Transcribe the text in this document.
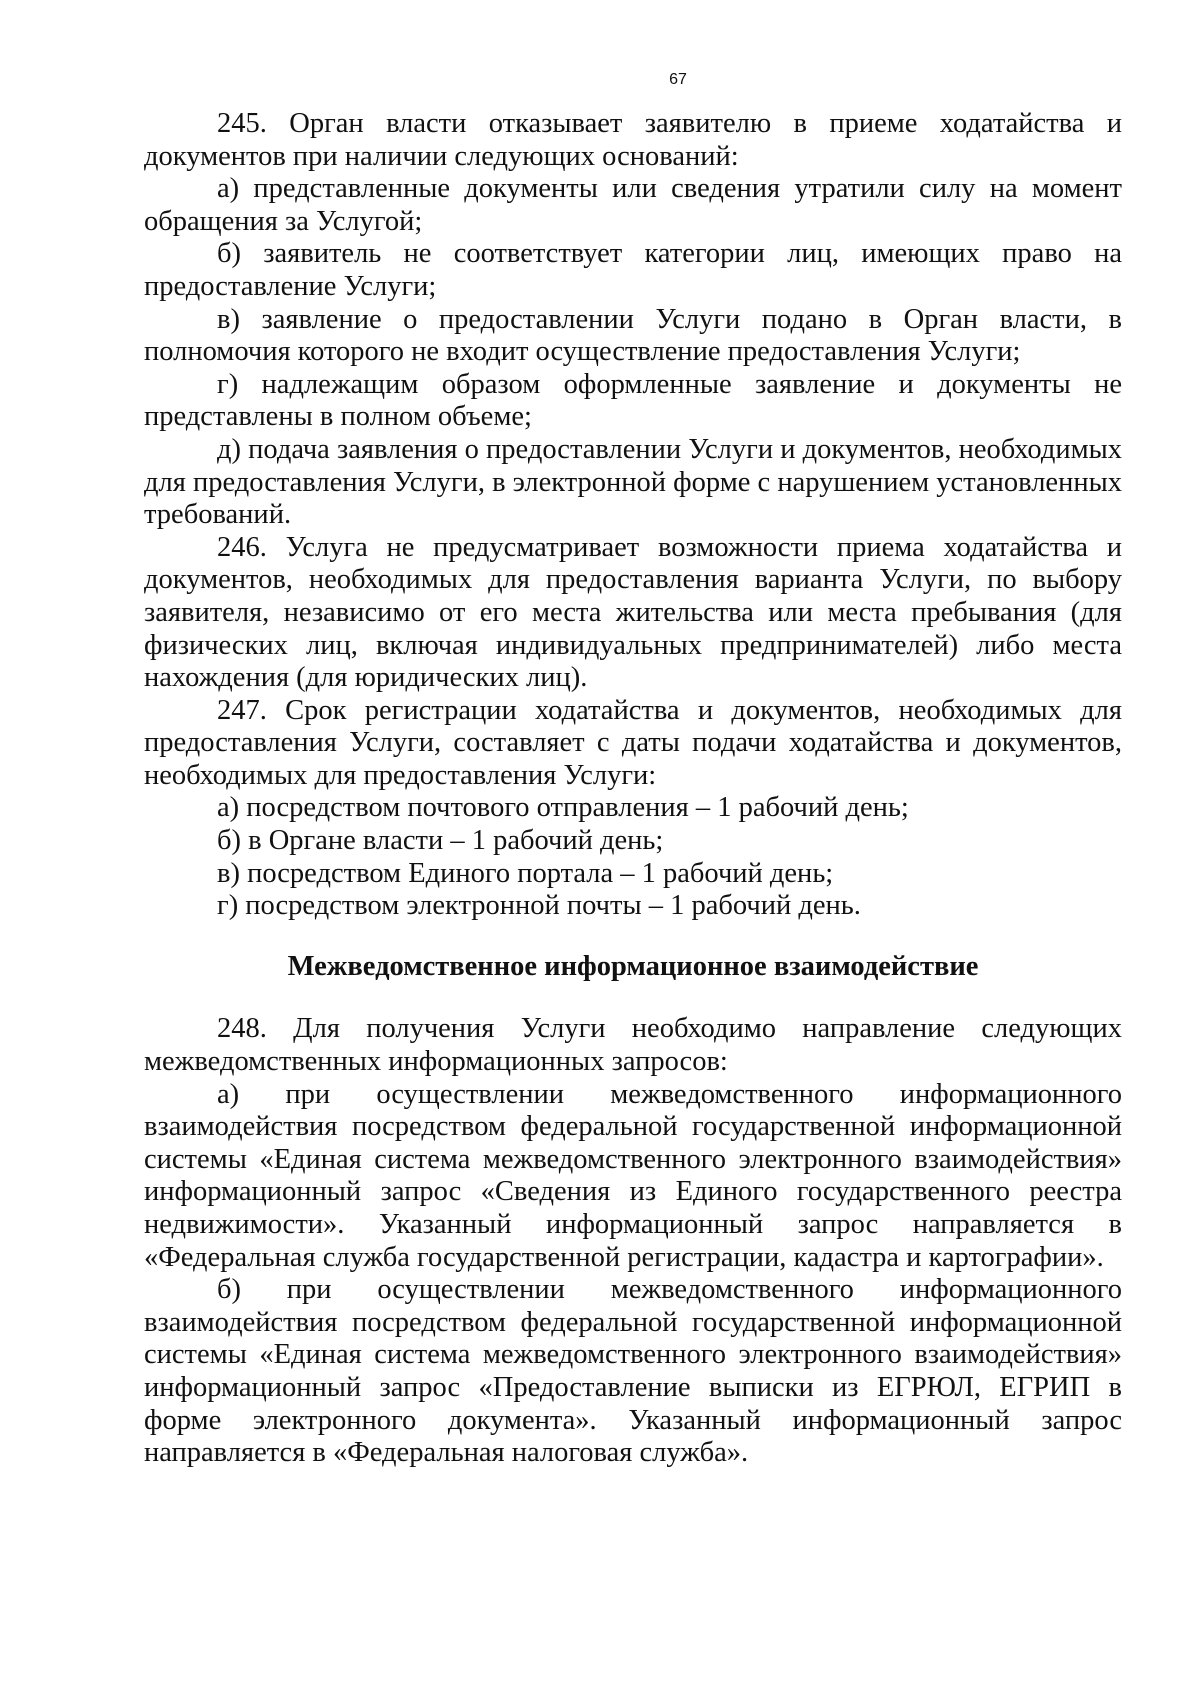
67

245. Орган власти отказывает заявителю в приеме ходатайства и документов при наличии следующих оснований:

а) представленные документы или сведения утратили силу на момент обращения за Услугой;

б) заявитель не соответствует категории лиц, имеющих право на предоставление Услуги;

в) заявление о предоставлении Услуги подано в Орган власти, в полномочия которого не входит осуществление предоставления Услуги;

г) надлежащим образом оформленные заявление и документы не представлены в полном объеме;

д) подача заявления о предоставлении Услуги и документов, необходимых для предоставления Услуги, в электронной форме с нарушением установленных требований.

246. Услуга не предусматривает возможности приема ходатайства и документов, необходимых для предоставления варианта Услуги, по выбору заявителя, независимо от его места жительства или места пребывания (для физических лиц, включая индивидуальных предпринимателей) либо места нахождения (для юридических лиц).

247. Срок регистрации ходатайства и документов, необходимых для предоставления Услуги, составляет с даты подачи ходатайства и документов, необходимых для предоставления Услуги:

а) посредством почтового отправления – 1 рабочий день;

б) в Органе власти – 1 рабочий день;

в) посредством Единого портала – 1 рабочий день;

г) посредством электронной почты – 1 рабочий день.

Межведомственное информационное взаимодействие

248. Для получения Услуги необходимо направление следующих межведомственных информационных запросов:

а) при осуществлении межведомственного информационного взаимодействия посредством федеральной государственной информационной системы «Единая система межведомственного электронного взаимодействия» информационный запрос «Сведения из Единого государственного реестра недвижимости». Указанный информационный запрос направляется в «Федеральная служба государственной регистрации, кадастра и картографии».

б) при осуществлении межведомственного информационного взаимодействия посредством федеральной государственной информационной системы «Единая система межведомственного электронного взаимодействия» информационный запрос «Предоставление выписки из ЕГРЮЛ, ЕГРИП в форме электронного документа». Указанный информационный запрос направляется в «Федеральная налоговая служба».
